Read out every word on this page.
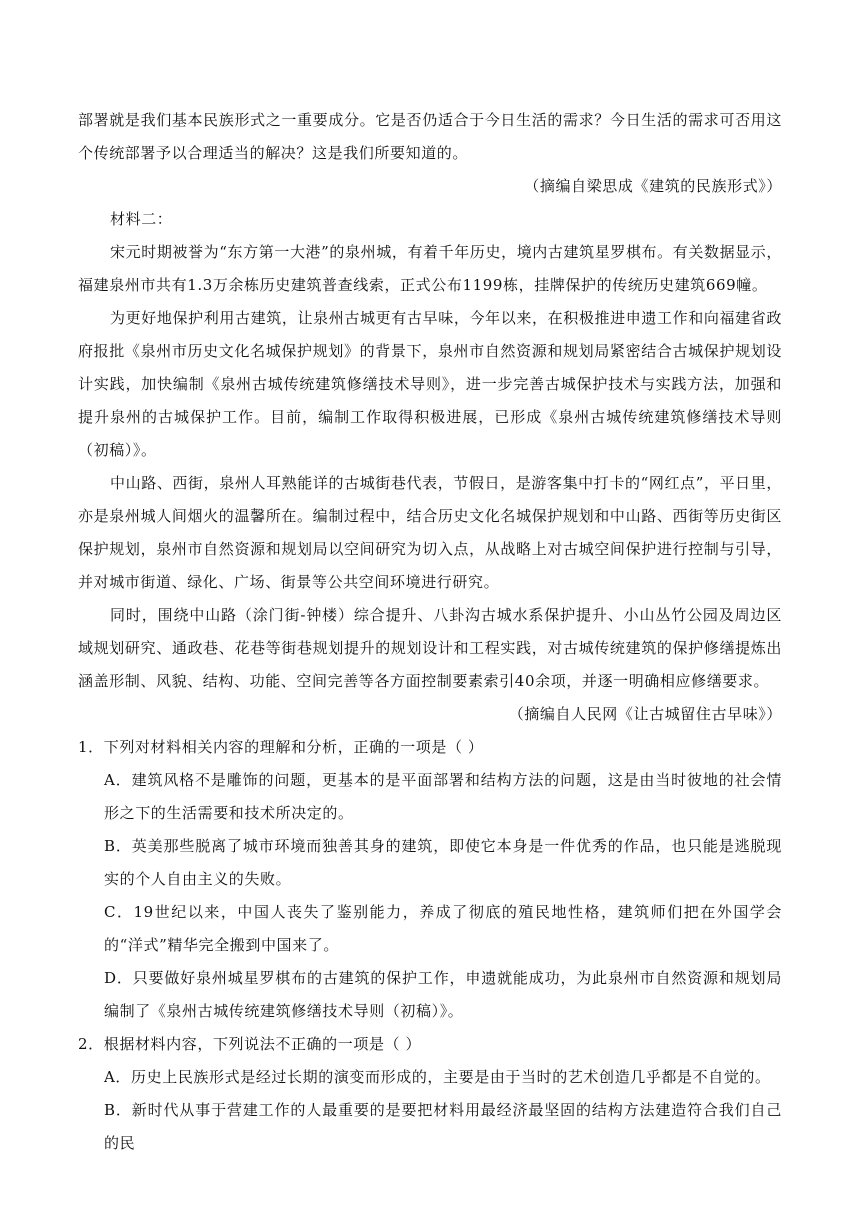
部署就是我们基本民族形式之一重要成分。它是否仍适合于今日生活的需求？今日生活的需求可否用这个传统部署予以合理适当的解决？这是我们所要知道的。

（摘编自梁思成《建筑的民族形式》）

材料二：

宋元时期被誉为“东方第一大港”的泉州城，有着千年历史，境内古建筑星罗棋布。有关数据显示，福建泉州市共有1.3万余栋历史建筑普查线索，正式公布1199栋，挂牌保护的传统历史建筑669幢。

为更好地保护利用古建筑，让泉州古城更有古早味，今年以来，在积极推进申遗工作和向福建省政府报批《泉州市历史文化名城保护规划》的背景下，泉州市自然资源和规划局紧密结合古城保护规划设计实践，加快编制《泉州古城传统建筑修缮技术导则》，进一步完善古城保护技术与实践方法，加强和提升泉州的古城保护工作。目前，编制工作取得积极进展，已形成《泉州古城传统建筑修缮技术导则（初稿）》。

中山路、西街，泉州人耳熟能详的古城街巷代表，节假日，是游客集中打卡的“网红点”，平日里，亦是泉州城人间烟火的温馨所在。编制过程中，结合历史文化名城保护规划和中山路、西街等历史街区保护规划，泉州市自然资源和规划局以空间研究为切入点，从战略上对古城空间保护进行控制与引导，并对城市街道、绿化、广场、街景等公共空间环境进行研究。

同时，围绕中山路（涂门街-钟楼）综合提升、八卦沟古城水系保护提升、小山丛竹公园及周边区域规划研究、通政巷、花巷等街巷规划提升的规划设计和工程实践，对古城传统建筑的保护修缮提炼出涵盖形制、风貌、结构、功能、空间完善等各方面控制要素索引40余项，并逐一明确相应修缮要求。

（摘编自人民网《让古城留住古早味》）

1．下列对材料相关内容的理解和分析，正确的一项是（ ）

A．建筑风格不是雕饰的问题，更基本的是平面部署和结构方法的问题，这是由当时彼地的社会情形之下的生活需要和技术所决定的。

B．英美那些脱离了城市环境而独善其身的建筑，即使它本身是一件优秀的作品，也只能是逃脱现实的个人自由主义的失败。

C．19世纪以来，中国人丧失了鉴别能力，养成了彻底的殖民地性格，建筑师们把在外国学会的“洋式”精华完全搬到中国来了。

D．只要做好泉州城星罗棋布的古建筑的保护工作，申遗就能成功，为此泉州市自然资源和规划局编制了《泉州古城传统建筑修缮技术导则（初稿）》。

2．根据材料内容，下列说法不正确的一项是（ ）

A．历史上民族形式是经过长期的演变而形成的，主要是由于当时的艺术创造几乎都是不自觉的。

B．新时代从事于营建工作的人最重要的是要把材料用最经济最坚固的结构方法建造符合我们自己的民
